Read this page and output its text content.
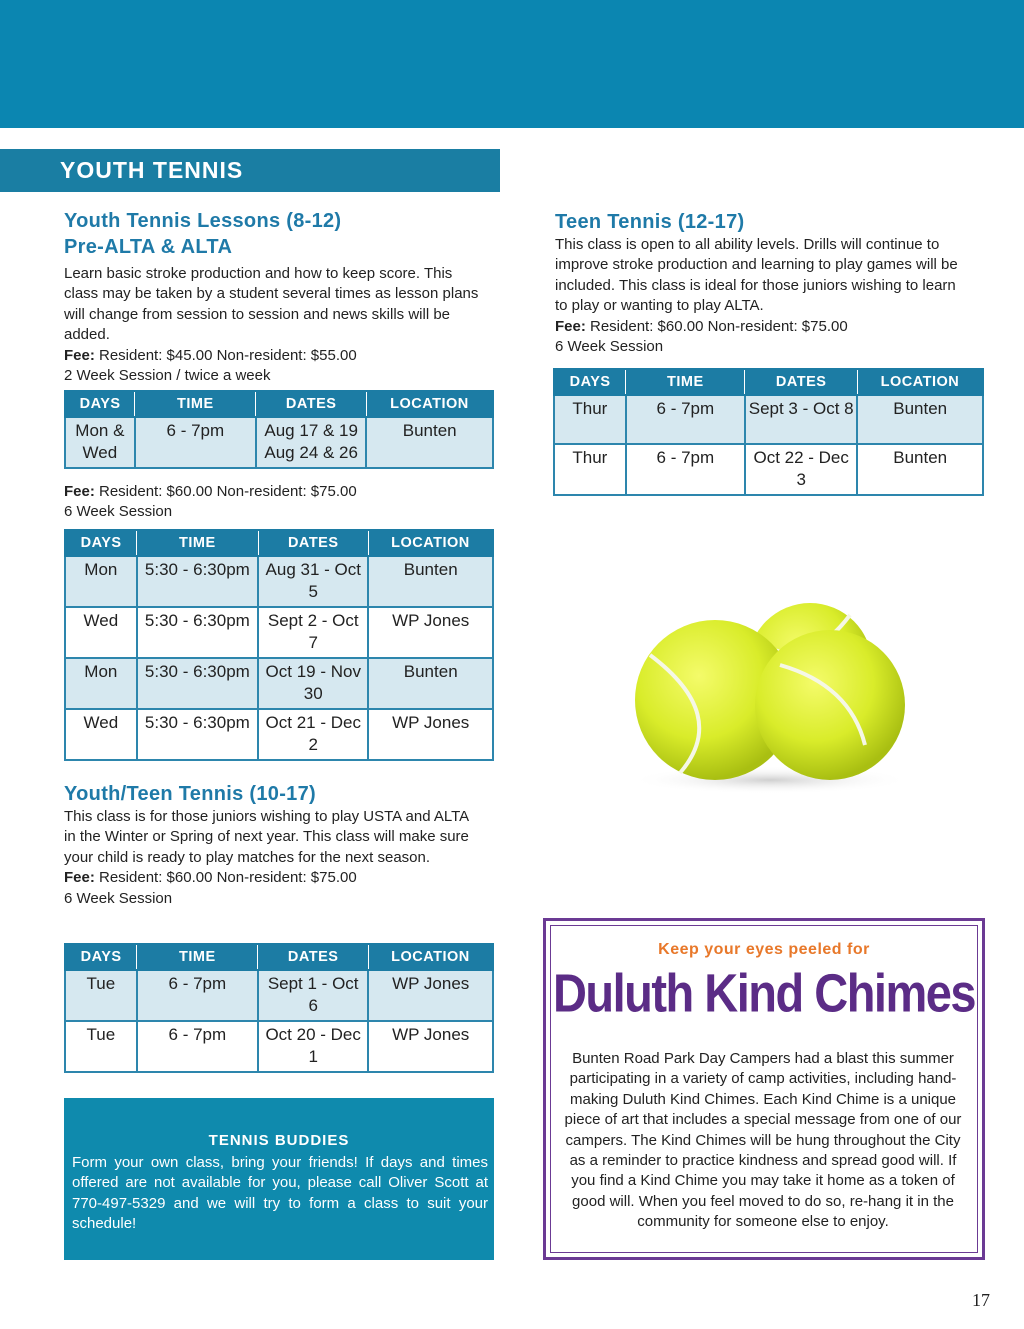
YOUTH TENNIS
Youth Tennis Lessons (8-12)
Pre-ALTA & ALTA
Learn basic stroke production and how to keep score. This class may be taken by a student several times as lesson plans will change from session to session and news skills will be added.
Fee: Resident: $45.00 Non-resident: $55.00
2 Week Session / twice a week
DAYS	TIME	DATES	LOCATION
Mon & Wed	6 - 7pm	Aug 17 & 19 Aug 24 & 26	Bunten
Fee: Resident: $60.00 Non-resident: $75.00
6 Week Session
DAYS	TIME	DATES	LOCATION
Mon	5:30 - 6:30pm	Aug 31 - Oct 5	Bunten
Wed	5:30 - 6:30pm	Sept 2 - Oct 7	WP Jones
Mon	5:30 - 6:30pm	Oct 19 - Nov 30	Bunten
Wed	5:30 - 6:30pm	Oct 21 - Dec 2	WP Jones
Youth/Teen Tennis (10-17)
This class is for those juniors wishing to play USTA and ALTA in the Winter or Spring of next year. This class will make sure your child is ready to play matches for the next season.
Fee: Resident: $60.00 Non-resident: $75.00
6 Week Session
DAYS	TIME	DATES	LOCATION
Tue	6 - 7pm	Sept 1 - Oct 6	WP Jones
Tue	6 - 7pm	Oct 20 - Dec 1	WP Jones
Teen Tennis (12-17)
This class is open to all ability levels. Drills will continue to improve stroke production and learning to play games will be included. This class is ideal for those juniors wishing to learn to play or wanting to play ALTA.
Fee: Resident: $60.00 Non-resident: $75.00
6 Week Session
DAYS	TIME	DATES	LOCATION
Thur	6 - 7pm	Sept 3 - Oct 8	Bunten
Thur	6 - 7pm	Oct 22 - Dec 3	Bunten
TENNIS BUDDIES
Form your own class, bring your friends! If days and times offered are not available for you, please call Oliver Scott at 770-497-5329 and we will try to form a class to suit your schedule!
Keep your eyes peeled for
Duluth Kind Chimes
Bunten Road Park Day Campers had a blast this summer participating in a variety of camp activities, including hand-making Duluth Kind Chimes. Each Kind Chime is a unique piece of art that includes a special message from one of our campers. The Kind Chimes will be hung throughout the City as a reminder to practice kindness and spread good will. If you find a Kind Chime you may take it home as a token of good will. When you feel moved to do so, re-hang it in the community for someone else to enjoy.
17
